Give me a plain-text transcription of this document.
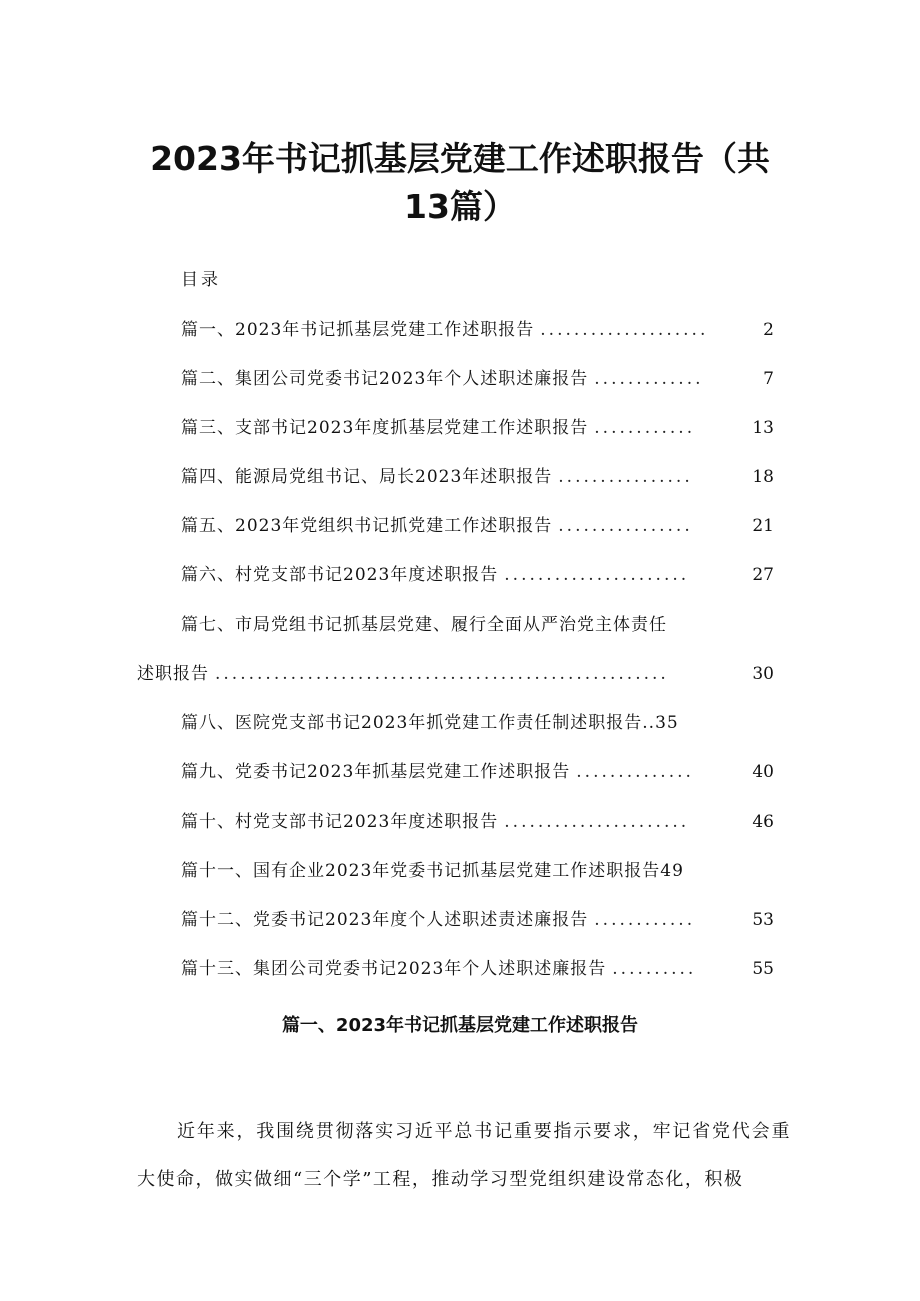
2023年书记抓基层党建工作述职报告（共
13篇）
目录
篇一、2023年书记抓基层党建工作述职报告 ....................	2
篇二、集团公司党委书记2023年个人述职述廉报告 .............	7
篇三、支部书记2023年度抓基层党建工作述职报告 ............	13
篇四、能源局党组书记、局长2023年述职报告 ................	18
篇五、2023年党组织书记抓党建工作述职报告 ................	21
篇六、村党支部书记2023年度述职报告 ......................	27
篇七、市局党组书记抓基层党建、履行全面从严治党主体责任
述职报告 ......................................................	30
篇八、医院党支部书记2023年抓党建工作责任制述职报告..35
篇九、党委书记2023年抓基层党建工作述职报告 ..............	40
篇十、村党支部书记2023年度述职报告 ......................	46
篇十一、国有企业2023年党委书记抓基层党建工作述职报告49
篇十二、党委书记2023年度个人述职述责述廉报告 ............	53
篇十三、集团公司党委书记2023年个人述职述廉报告 ..........	55
篇一、2023年书记抓基层党建工作述职报告

近年来，我围绕贯彻落实习近平总书记重要指示要求，牢记省党代会重大使命，做实做细“三个学”工程，推动学习型党组织建设常态化，积极
